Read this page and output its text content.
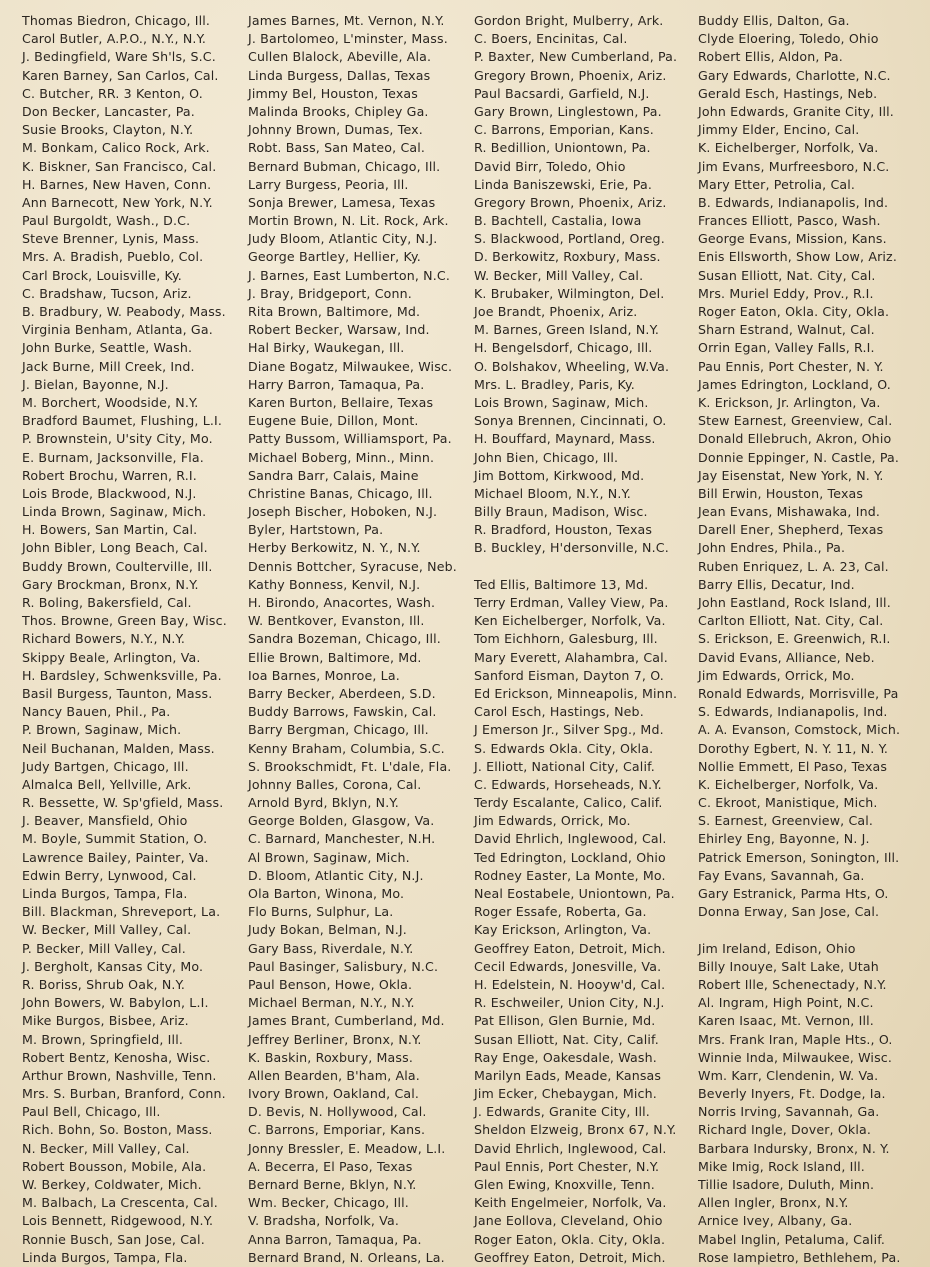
Thomas Biedron, Chicago, Ill.
Carol Butler, A.P.O., N.Y., N.Y.
J. Bedingfield, Ware Sh'ls, S.C.
Karen Barney, San Carlos, Cal.
C. Butcher, RR. 3 Kenton, O.
Don Becker, Lancaster, Pa.
Susie Brooks, Clayton, N.Y.
M. Bonkam, Calico Rock, Ark.
K. Biskner, San Francisco, Cal.
H. Barnes, New Haven, Conn.
Ann Barnecott, New York, N.Y.
Paul Burgoldt, Wash., D.C.
Steve Brenner, Lynis, Mass.
Mrs. A. Bradish, Pueblo, Col.
Carl Brock, Louisville, Ky.
C. Bradshaw, Tucson, Ariz.
B. Bradbury, W. Peabody, Mass.
Virginia Benham, Atlanta, Ga.
John Burke, Seattle, Wash.
Jack Burne, Mill Creek, Ind.
J. Bielan, Bayonne, N.J.
M. Borchert, Woodside, N.Y.
Bradford Baumet, Flushing, L.I.
P. Brownstein, U'sity City, Mo.
E. Burnam, Jacksonville, Fla.
Robert Brochu, Warren, R.I.
Lois Brode, Blackwood, N.J.
Linda Brown, Saginaw, Mich.
H. Bowers, San Martin, Cal.
John Bibler, Long Beach, Cal.
Buddy Brown, Coulterville, Ill.
Gary Brockman, Bronx, N.Y.
R. Boling, Bakersfield, Cal.
Thos. Browne, Green Bay, Wisc.
Richard Bowers, N.Y., N.Y.
Skippy Beale, Arlington, Va.
H. Bardsley, Schwenksville, Pa.
Basil Burgess, Taunton, Mass.
Nancy Bauen, Phil., Pa.
P. Brown, Saginaw, Mich.
Neil Buchanan, Malden, Mass.
Judy Bartgen, Chicago, Ill.
Almalca Bell, Yellville, Ark.
R. Bessette, W. Sp'gfield, Mass.
J. Beaver, Mansfield, Ohio
M. Boyle, Summit Station, O.
Lawrence Bailey, Painter, Va.
Edwin Berry, Lynwood, Cal.
Linda Burgos, Tampa, Fla.
Bill. Blackman, Shreveport, La.
W. Becker, Mill Valley, Cal.
P. Becker, Mill Valley, Cal.
J. Bergholt, Kansas City, Mo.
R. Boriss, Shrub Oak, N.Y.
John Bowers, W. Babylon, L.I.
Mike Burgos, Bisbee, Ariz.
M. Brown, Springfield, Ill.
Robert Bentz, Kenosha, Wisc.
Arthur Brown, Nashville, Tenn.
Mrs. S. Burban, Branford, Conn.
Paul Bell, Chicago, Ill.
Rich. Bohn, So. Boston, Mass.
N. Becker, Mill Valley, Cal.
Robert Bousson, Mobile, Ala.
W. Berkey, Coldwater, Mich.
M. Balbach, La Crescenta, Cal.
Lois Bennett, Ridgewood, N.Y.
Ronnie Busch, San Jose, Cal.
Linda Burgos, Tampa, Fla.
James Barnes, Mt. Vernon, N.Y.
J. Bartolomeo, L'minster, Mass.
Cullen Blalock, Abeville, Ala.
Linda Burgess, Dallas, Texas
Jimmy Bel, Houston, Texas
Malinda Brooks, Chipley Ga.
Johnny Brown, Dumas, Tex.
Robt. Bass, San Mateo, Cal.
Bernard Bubman, Chicago, Ill.
Larry Burgess, Peoria, Ill.
Sonja Brewer, Lamesa, Texas
Mortin Brown, N. Lit. Rock, Ark.
Judy Bloom, Atlantic City, N.J.
George Bartley, Hellier, Ky.
J. Barnes, East Lumberton, N.C.
J. Bray, Bridgeport, Conn.
Rita Brown, Baltimore, Md.
Robert Becker, Warsaw, Ind.
Hal Birky, Waukegan, Ill.
Diane Bogatz, Milwaukee, Wisc.
Harry Barron, Tamaqua, Pa.
Karen Burton, Bellaire, Texas
Eugene Buie, Dillon, Mont.
Patty Bussom, Williamsport, Pa.
Michael Boberg, Minn., Minn.
Sandra Barr, Calais, Maine
Christine Banas, Chicago, Ill.
Joseph Bischer, Hoboken, N.J.
Byler, Hartstown, Pa.
Herby Berkowitz, N. Y., N.Y.
Dennis Bottcher, Syracuse, Neb.
Kathy Bonness, Kenvil, N.J.
H. Birondo, Anacortes, Wash.
W. Bentkover, Evanston, Ill.
Sandra Bozeman, Chicago, Ill.
Ellie Brown, Baltimore, Md.
Ioa Barnes, Monroe, La.
Barry Becker, Aberdeen, S.D.
Buddy Barrows, Fawskin, Cal.
Barry Bergman, Chicago, Ill.
Kenny Braham, Columbia, S.C.
S. Brookschmidt, Ft. L'dale, Fla.
Johnny Balles, Corona, Cal.
Arnold Byrd, Bklyn, N.Y.
George Bolden, Glasgow, Va.
C. Barnard, Manchester, N.H.
Al Brown, Saginaw, Mich.
D. Bloom, Atlantic City, N.J.
Ola Barton, Winona, Mo.
Flo Burns, Sulphur, La.
Judy Bokan, Belman, N.J.
Gary Bass, Riverdale, N.Y.
Paul Basinger, Salisbury, N.C.
Paul Benson, Howe, Okla.
Michael Berman, N.Y., N.Y.
James Brant, Cumberland, Md.
Jeffrey Berliner, Bronx, N.Y.
K. Baskin, Roxbury, Mass.
Allen Bearden, B'ham, Ala.
Ivory Brown, Oakland, Cal.
D. Bevis, N. Hollywood, Cal.
C. Barrons, Emporiar, Kans.
Jonny Bressler, E. Meadow, L.I.
A. Becerra, El Paso, Texas
Bernard Berne, Bklyn, N.Y.
Wm. Becker, Chicago, Ill.
V. Bradsha, Norfolk, Va.
Anna Barron, Tamaqua, Pa.
Bernard Brand, N. Orleans, La.
Gordon Bright, Mulberry, Ark.
C. Boers, Encinitas, Cal.
P. Baxter, New Cumberland, Pa.
Gregory Brown, Phoenix, Ariz.
Paul Bacsardi, Garfield, N.J.
Gary Brown, Linglestown, Pa.
C. Barrons, Emporian, Kans.
R. Bedillion, Uniontown, Pa.
David Birr, Toledo, Ohio
Linda Baniszewski, Erie, Pa.
Gregory Brown, Phoenix, Ariz.
B. Bachtell, Castalia, Iowa
S. Blackwood, Portland, Oreg.
D. Berkowitz, Roxbury, Mass.
W. Becker, Mill Valley, Cal.
K. Brubaker, Wilmington, Del.
Joe Brandt, Phoenix, Ariz.
M. Barnes, Green Island, N.Y.
H. Bengelsdorf, Chicago, Ill.
O. Bolshakov, Wheeling, W.Va.
Mrs. L. Bradley, Paris, Ky.
Lois Brown, Saginaw, Mich.
Sonya Brennen, Cincinnati, O.
H. Bouffard, Maynard, Mass.
John Bien, Chicago, Ill.
Jim Bottom, Kirkwood, Md.
Michael Bloom, N.Y., N.Y.
Billy Braun, Madison, Wisc.
R. Bradford, Houston, Texas
B. Buckley, H'dersonville, N.C.
Ted Ellis, Baltimore 13, Md.
Terry Erdman, Valley View, Pa.
Ken Eichelberger, Norfolk, Va.
Tom Eichhorn, Galesburg, Ill.
Mary Everett, Alahambra, Cal.
Sanford Eisman, Dayton 7, O.
Ed Erickson, Minneapolis, Minn.
Carol Esch, Hastings, Neb.
J Emerson Jr., Silver Spg., Md.
S. Edwards Okla. City, Okla.
J. Elliott, National City, Calif.
C. Edwards, Horseheads, N.Y.
Terdy Escalante, Calico, Calif.
Jim Edwards, Orrick, Mo.
David Ehrlich, Inglewood, Cal.
Ted Edrington, Lockland, Ohio
Rodney Easter, La Monte, Mo.
Neal Eostabele, Uniontown, Pa.
Roger Essafe, Roberta, Ga.
Kay Erickson, Arlington, Va.
Geoffrey Eaton, Detroit, Mich.
Cecil Edwards, Jonesville, Va.
H. Edelstein, N. Hooyw'd, Cal.
R. Eschweiler, Union City, N.J.
Pat Ellison, Glen Burnie, Md.
Susan Elliott, Nat. City, Calif.
Ray Enge, Oakesdale, Wash.
Marilyn Eads, Meade, Kansas
Jim Ecker, Chebaygan, Mich.
J. Edwards, Granite City, Ill.
Sheldon Elzweig, Bronx 67, N.Y.
David Ehrlich, Inglewood, Cal.
Paul Ennis, Port Chester, N.Y.
Glen Ewing, Knoxville, Tenn.
Keith Engelmeier, Norfolk, Va.
Jane Eollova, Cleveland, Ohio
Roger Eaton, Okla. City, Okla.
Geoffrey Eaton, Detroit, Mich.
Buddy Ellis, Dalton, Ga.
Clyde Eloering, Toledo, Ohio
Robert Ellis, Aldon, Pa.
Gary Edwards, Charlotte, N.C.
Gerald Esch, Hastings, Neb.
John Edwards, Granite City, Ill.
Jimmy Elder, Encino, Cal.
K. Eichelberger, Norfolk, Va.
Jim Evans, Murfreesboro, N.C.
Mary Etter, Petrolia, Cal.
B. Edwards, Indianapolis, Ind.
Frances Elliott, Pasco, Wash.
George Evans, Mission, Kans.
Enis Ellsworth, Show Low, Ariz.
Susan Elliott, Nat. City, Cal.
Mrs. Muriel Eddy, Prov., R.I.
Roger Eaton, Okla. City, Okla.
Sharn Estrand, Walnut, Cal.
Orrin Egan, Valley Falls, R.I.
Pau Ennis, Port Chester, N. Y.
James Edrington, Lockland, O.
K. Erickson, Jr. Arlington, Va.
Stew Earnest, Greenview, Cal.
Donald Ellebruch, Akron, Ohio
Donnie Eppinger, N. Castle, Pa.
Jay Eisenstat, New York, N. Y.
Bill Erwin, Houston, Texas
Jean Evans, Mishawaka, Ind.
Darell Ener, Shepherd, Texas
John Endres, Phila., Pa.
Ruben Enriquez, L. A. 23, Cal.
Barry Ellis, Decatur, Ind.
John Eastland, Rock Island, Ill.
Carlton Elliott, Nat. City, Cal.
S. Erickson, E. Greenwich, R.I.
David Evans, Alliance, Neb.
Jim Edwards, Orrick, Mo.
Ronald Edwards, Morrisville, Pa
S. Edwards, Indianapolis, Ind.
A. A. Evanson, Comstock, Mich.
Dorothy Egbert, N. Y. 11, N. Y.
Nollie Emmett, El Paso, Texas
K. Eichelberger, Norfolk, Va.
C. Ekroot, Manistique, Mich.
S. Earnest, Greenview, Cal.
Ehirley Eng, Bayonne, N. J.
Patrick Emerson, Sonington, Ill.
Fay Evans, Savannah, Ga.
Gary Estranick, Parma Hts, O.
Donna Erway, San Jose, Cal.
Jim Ireland, Edison, Ohio
Billy Inouye, Salt Lake, Utah
Robert Ille, Schenectady, N.Y.
Al. Ingram, High Point, N.C.
Karen Isaac, Mt. Vernon, Ill.
Mrs. Frank Iran, Maple Hts., O.
Winnie Inda, Milwaukee, Wisc.
Wm. Karr, Clendenin, W. Va.
Beverly Inyers, Ft. Dodge, Ia.
Norris Irving, Savannah, Ga.
Richard Ingle, Dover, Okla.
Barbara Indursky, Bronx, N. Y.
Mike Imig, Rock Island, Ill.
Tillie Isadore, Duluth, Minn.
Allen Ingler, Bronx, N.Y.
Arnice Ivey, Albany, Ga.
Mabel Inglin, Petaluma, Calif.
Rose Iampietro, Bethlehem, Pa.
